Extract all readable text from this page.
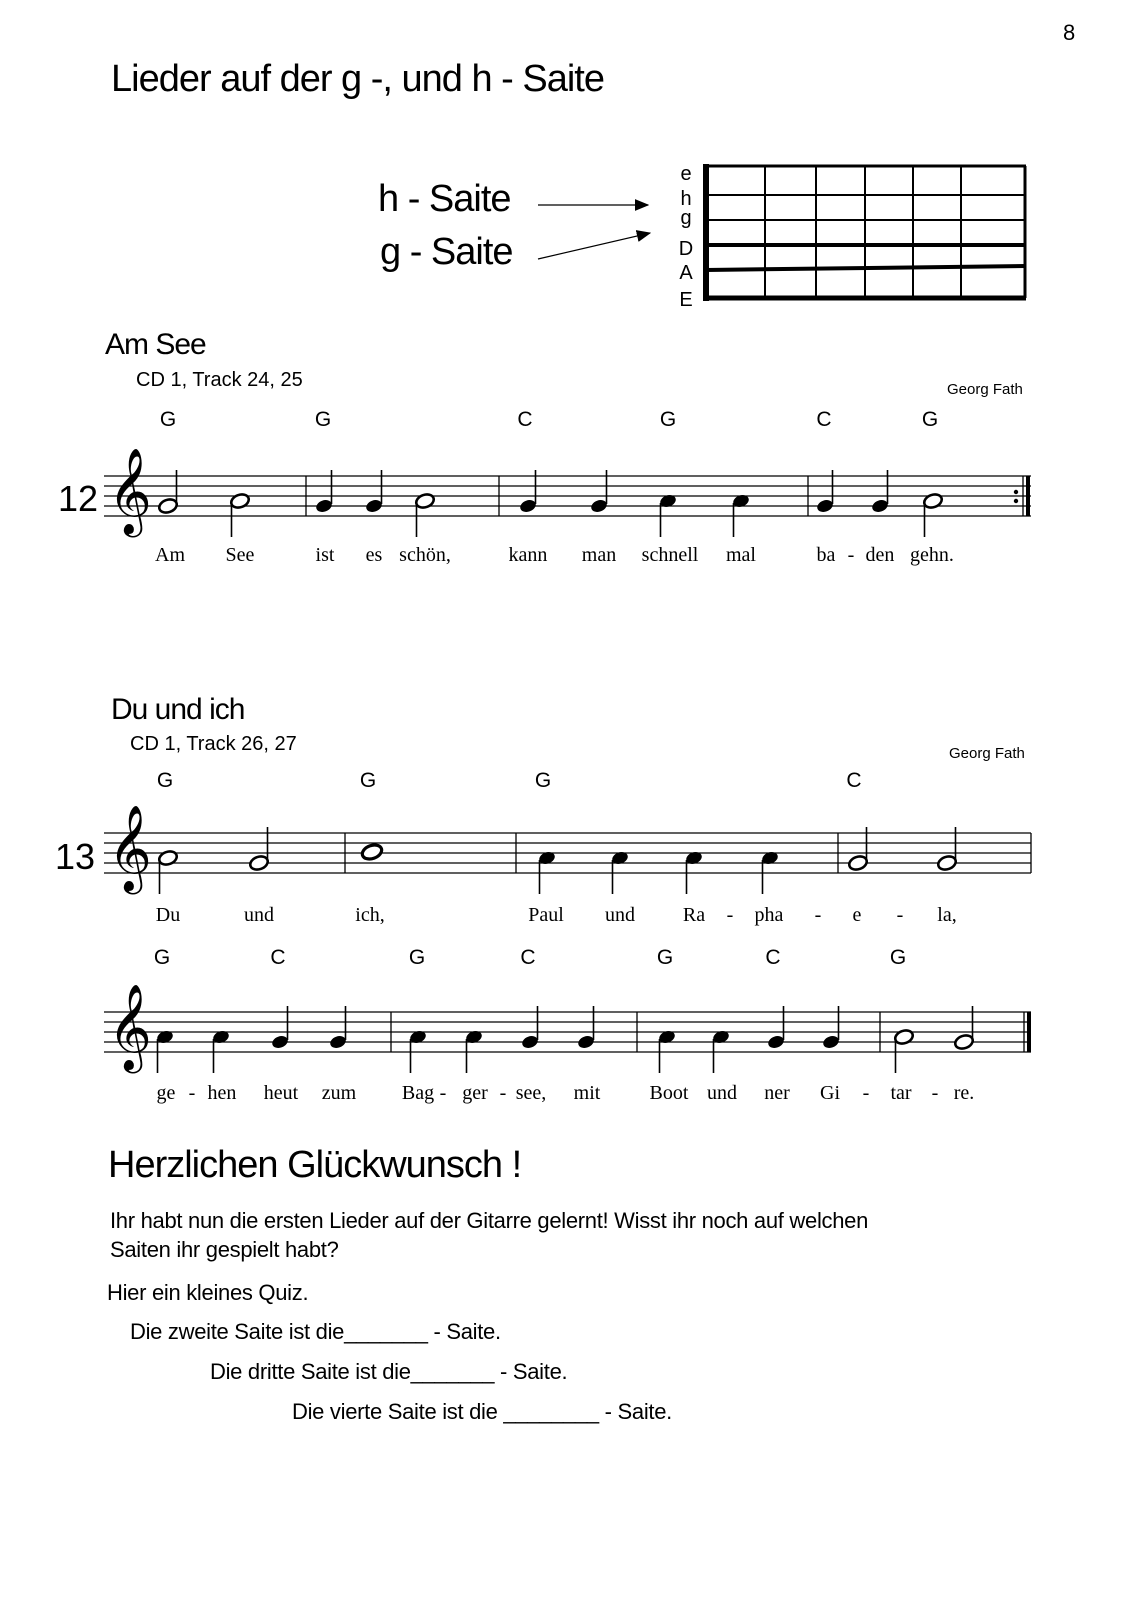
8
Lieder auf der g -, und h - Saite
h - Saite
g - Saite
e
h
g
D
A
E
Am See
CD 1, Track 24, 25	Georg Fath
G	G	C	G	C	G
12 𝄞
Am See	ist es schön,	kann man schnell mal	ba - den gehn.
Du und ich
CD 1, Track 26, 27	Georg Fath
G	G	G	C
13 𝄞
Du	und	ich,	Paul und Ra - pha - e - la,
G	C	G	C	G	C	G
𝄞
ge - hen heut zum Bag - ger - see, mit Boot und ner Gi - tar - re.
Herzlichen Glückwunsch !
Ihr habt nun die ersten Lieder auf der Gitarre gelernt! Wisst ihr noch auf welchen
Saiten ihr gespielt habt?
Hier ein kleines Quiz.
Die zweite Saite ist die_______ - Saite.
Die dritte Saite ist die_______ - Saite.
Die vierte Saite ist die ________ - Saite.
